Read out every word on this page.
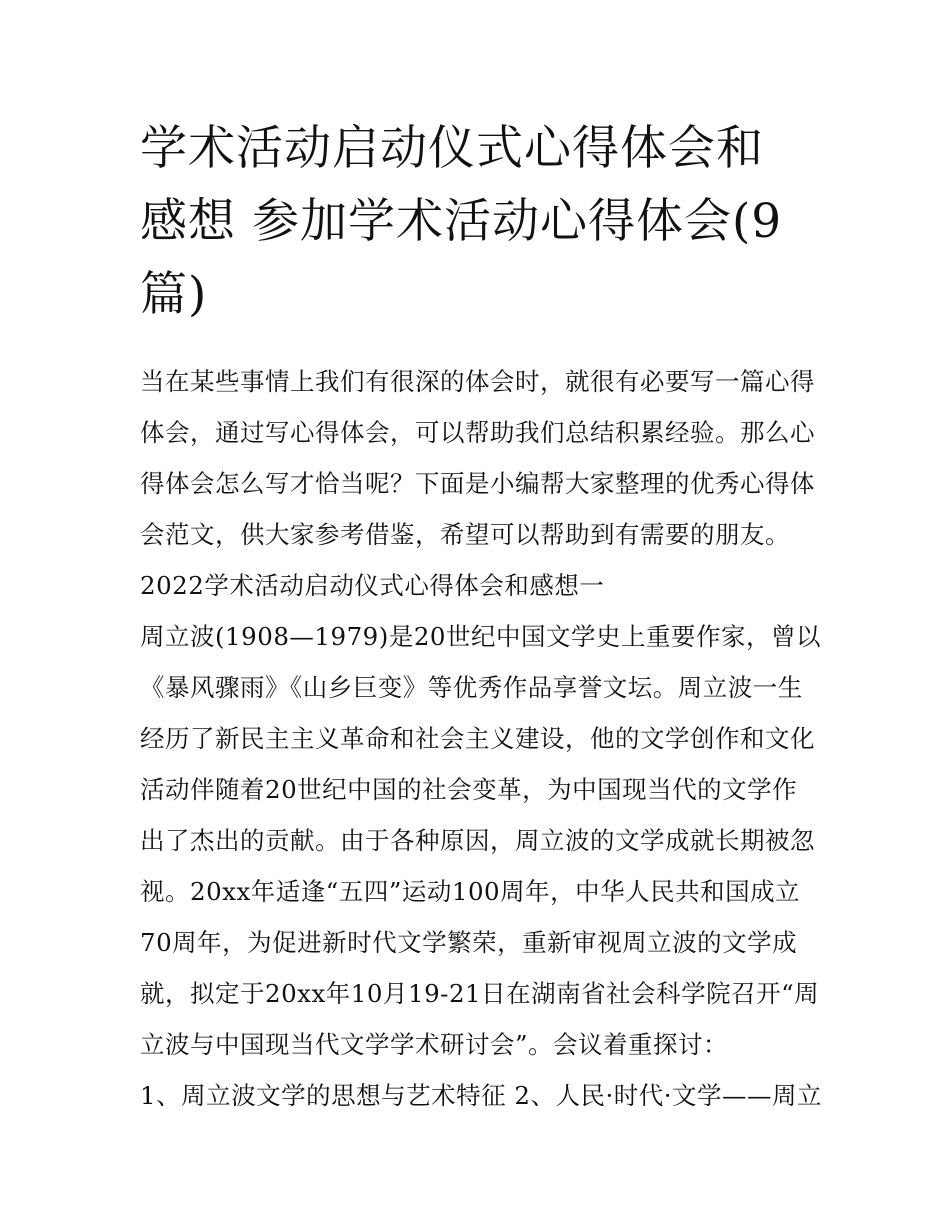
学术活动启动仪式心得体会和
感想 参加学术活动心得体会(9
篇)

当在某些事情上我们有很深的体会时，就很有必要写一篇心得
体会，通过写心得体会，可以帮助我们总结积累经验。那么心
得体会怎么写才恰当呢？下面是小编帮大家整理的优秀心得体
会范文，供大家参考借鉴，希望可以帮助到有需要的朋友。

2022学术活动启动仪式心得体会和感想一

周立波(1908—1979)是20世纪中国文学史上重要作家，曾以
《暴风骤雨》《山乡巨变》等优秀作品享誉文坛。周立波一生
经历了新民主主义革命和社会主义建设，他的文学创作和文化
活动伴随着20世纪中国的社会变革，为中国现当代的文学作
出了杰出的贡献。由于各种原因，周立波的文学成就长期被忽
视。20xx年适逢“五四”运动100周年，中华人民共和国成立
70周年，为促进新时代文学繁荣，重新审视周立波的文学成
就，拟定于20xx年10月19-21日在湖南省社会科学院召开“周
立波与中国现当代文学学术研讨会”。会议着重探讨：

1、周立波文学的思想与艺术特征 2、人民·时代·文学——周立
